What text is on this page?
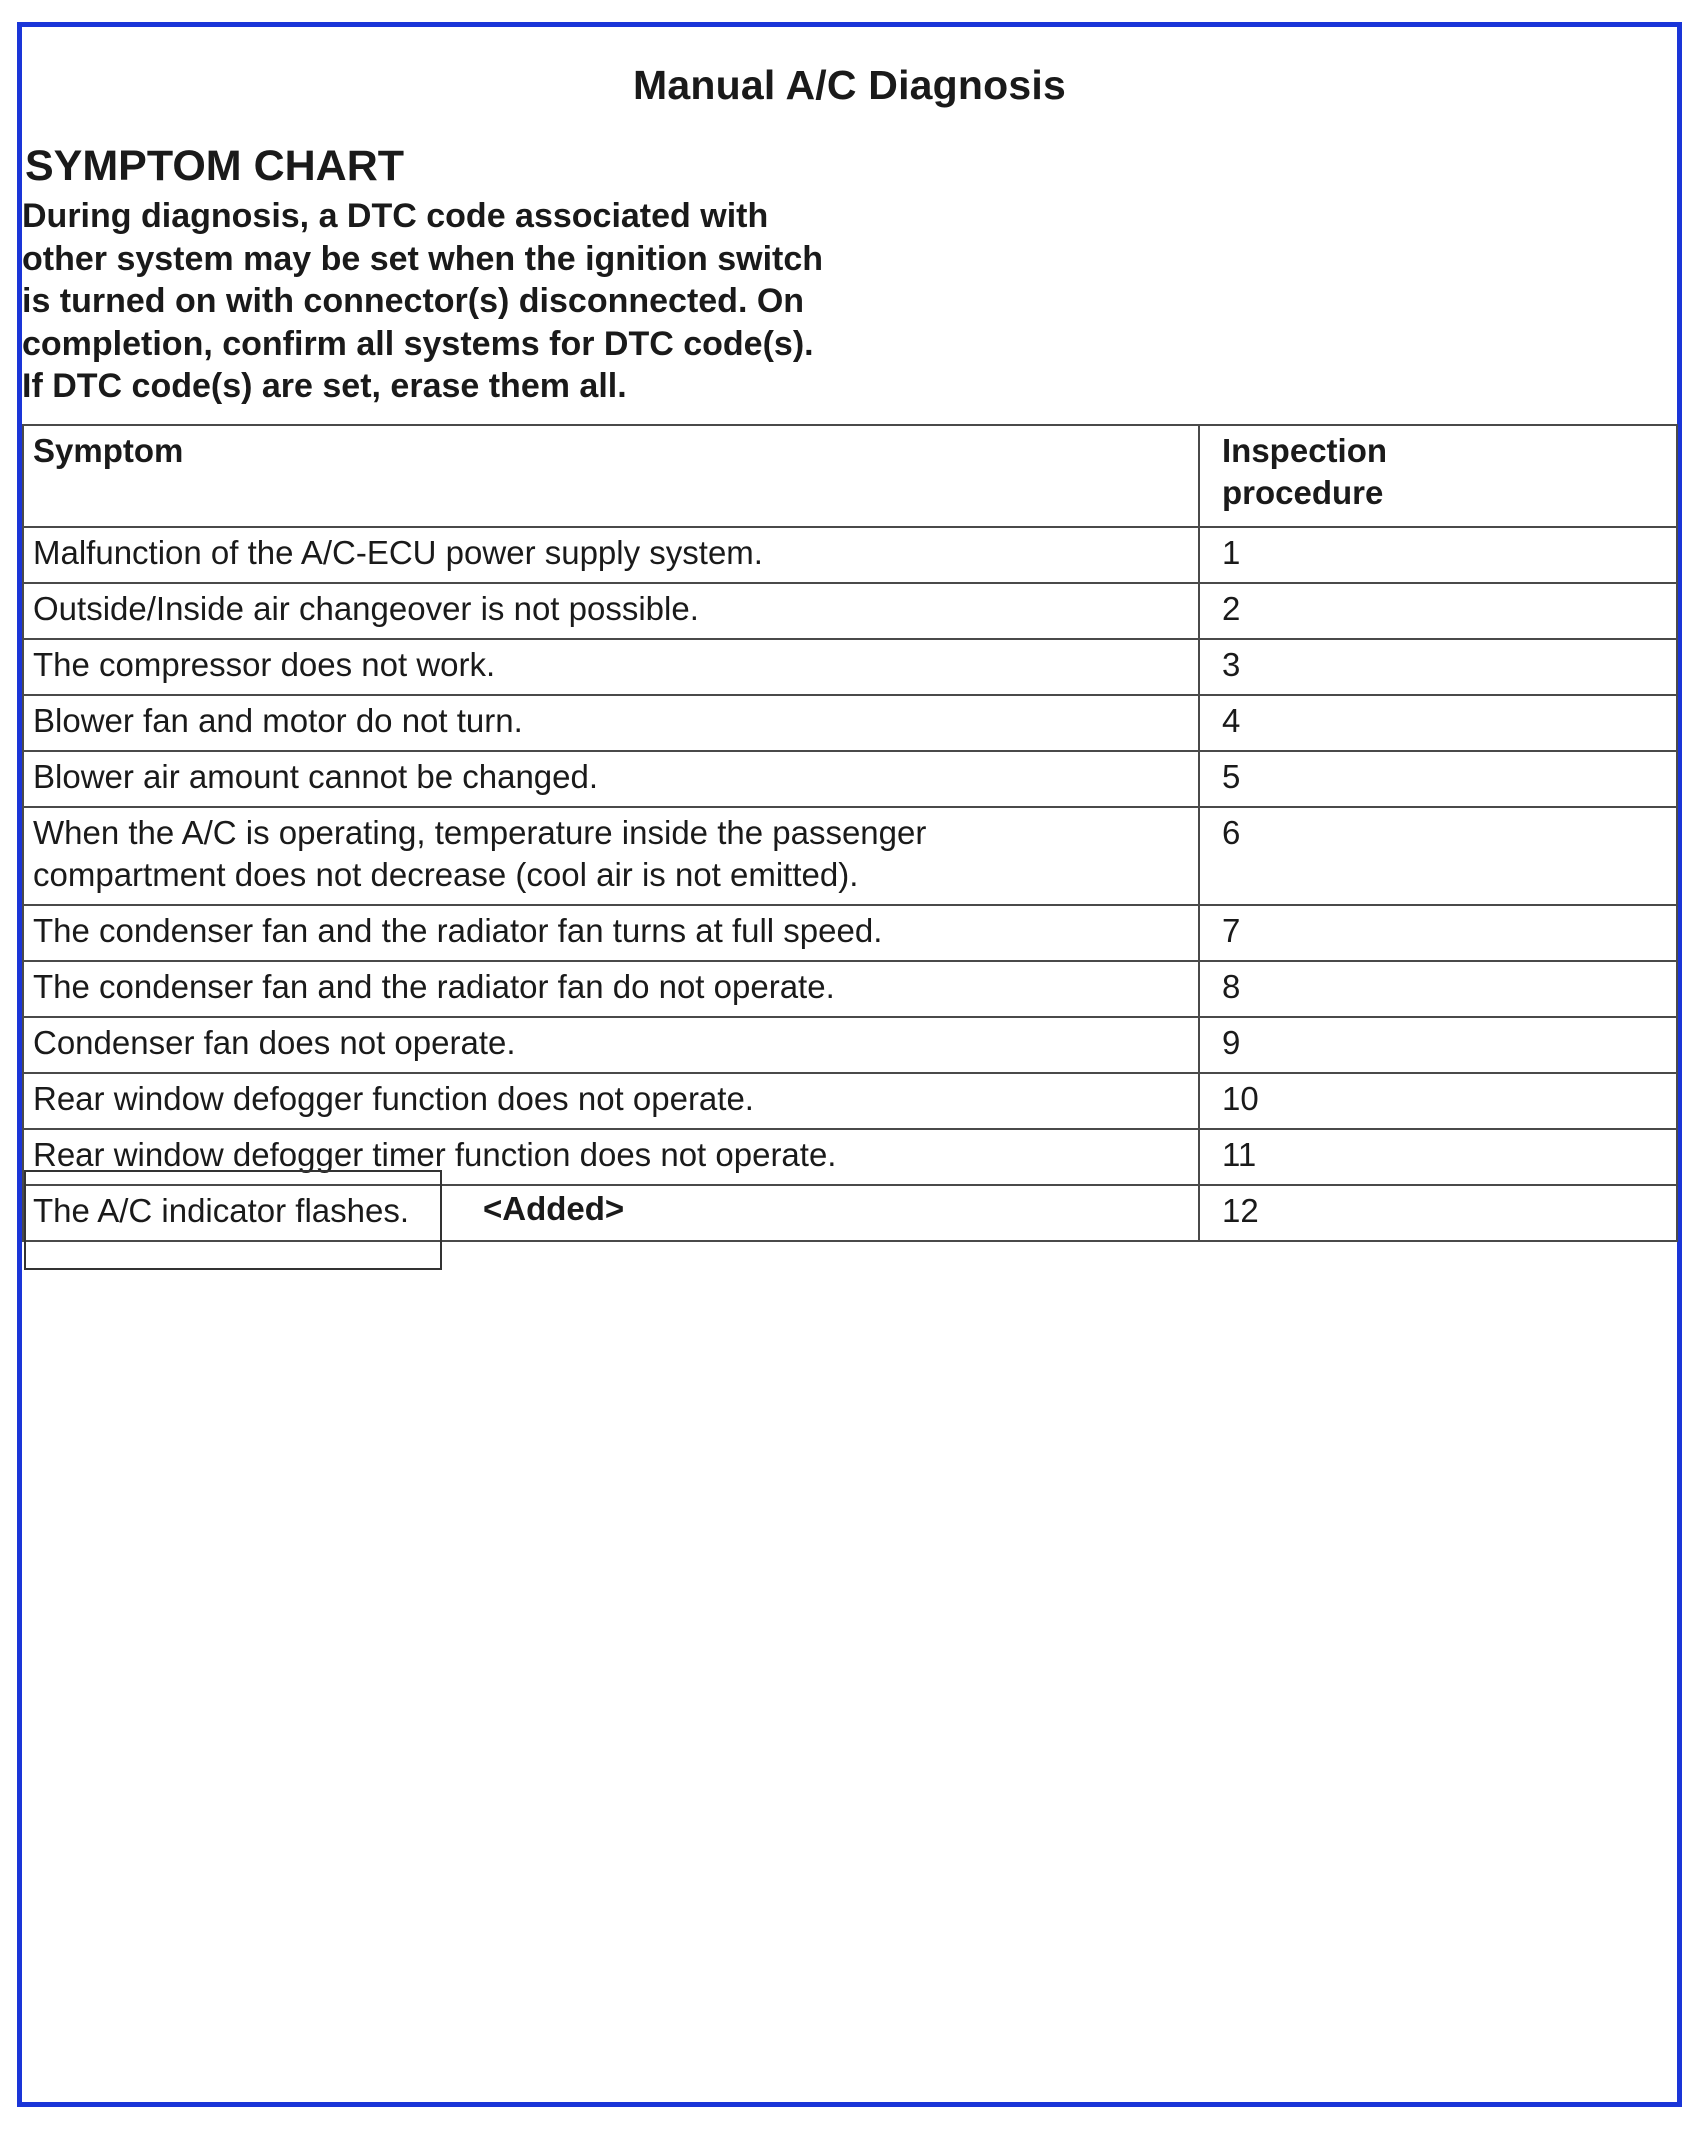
Manual A/C Diagnosis
SYMPTOM CHART
During diagnosis, a DTC code associated with
other system may be set when the ignition switch
is turned on with connector(s) disconnected. On
completion, confirm all systems for DTC code(s).
If DTC code(s) are set, erase them all.
Symptom	Inspection
procedure

Malfunction of the A/C-ECU power supply system.	1
Outside/Inside air changeover is not possible.	2
The compressor does not work.	3
Blower fan and motor do not turn.	4
Blower air amount cannot be changed.	5

When the A/C is operating, temperature inside the passenger
compartment does not decrease (cool air is not emitted).	6
The condenser fan and the radiator fan turns at full speed.	7
The condenser fan and the radiator fan do not operate.	8
Condenser fan does not operate.	9
Rear window defogger function does not operate.	10
Rear window defogger timer function does not operate.	11
The A/C indicator flashes.	12
<Added>
